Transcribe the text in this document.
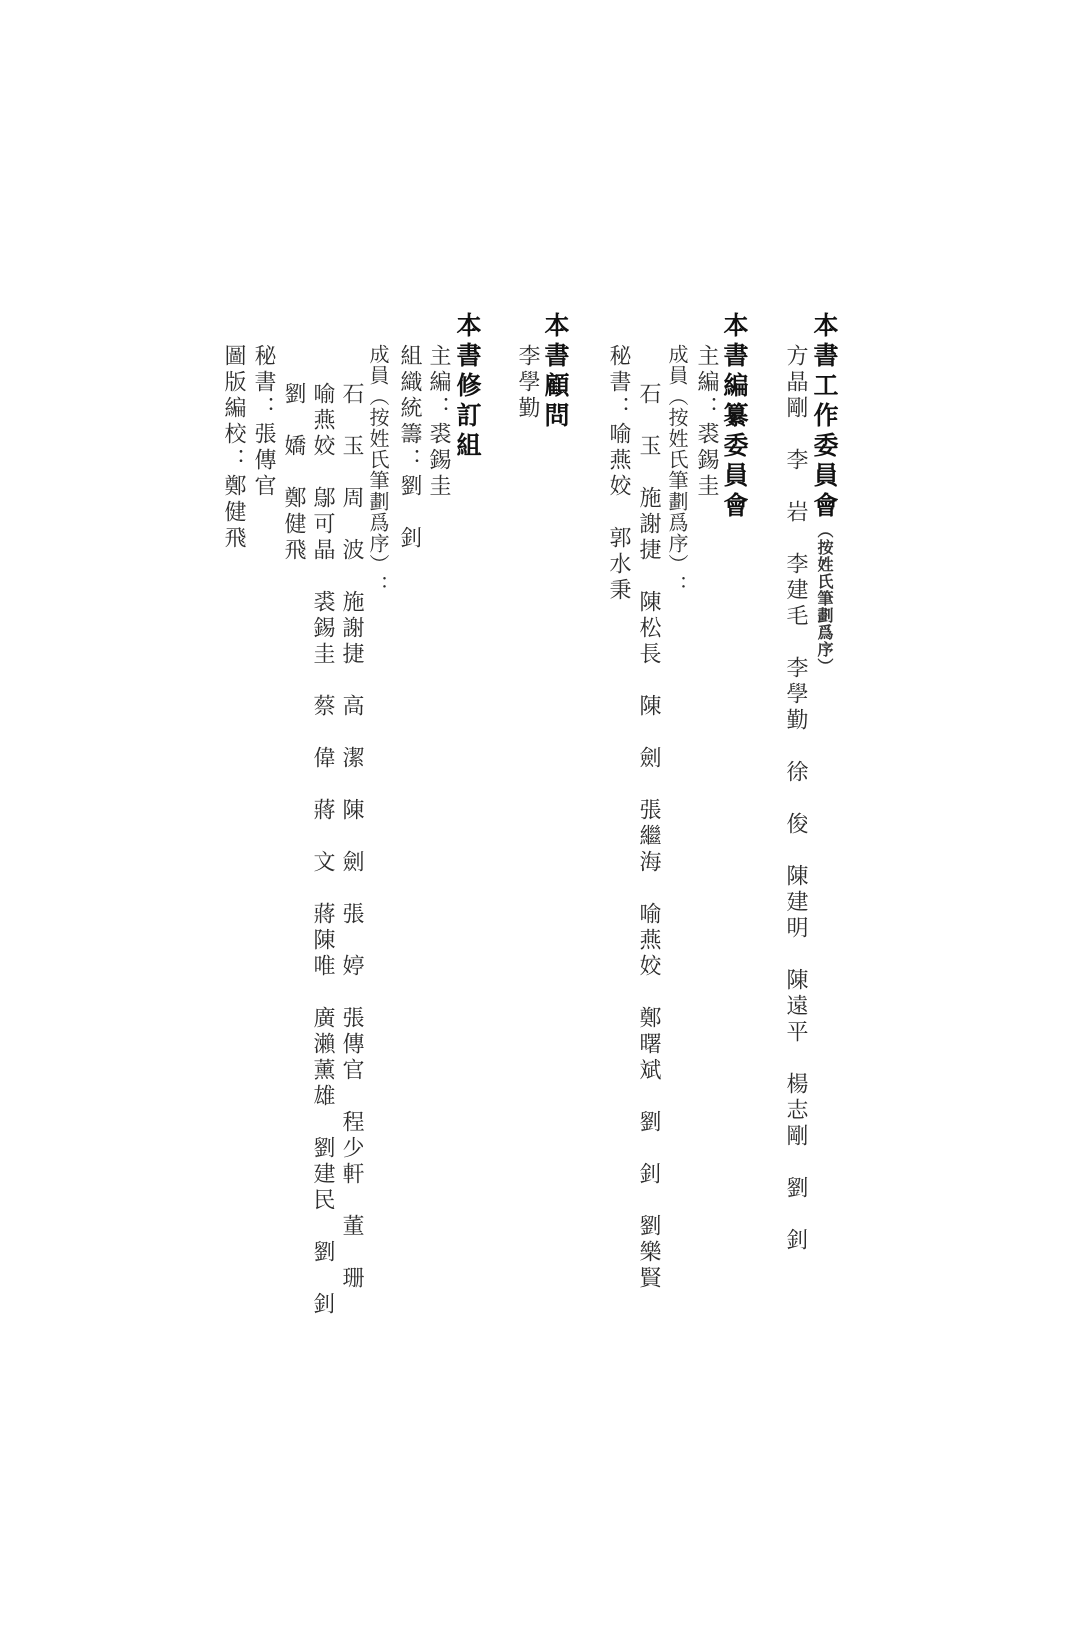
本書工作委員會（按姓氏筆劃爲序）
方晶剛　李　岩　李建毛　李學勤　徐　俊　陳建明　陳遠平　楊志剛　劉　釗
本書編纂委員會
主編：裘錫圭
成員（按姓氏筆劃爲序）：
石　玉　施謝捷　陳松長　陳　劍　張繼海　喻燕姣　鄭曙斌　劉　釗　劉樂賢
秘書：喻燕姣　郭水秉
本書顧問
李學勤
本書修訂組
主編：裘錫圭
組織統籌：劉　釗
成員（按姓氏筆劃爲序）：
石　玉　周　波　施謝捷　高　潔　陳　劍　張　婷　張傳官　程少軒　董　珊
喻燕姣　鄔可晶　裘錫圭　蔡　偉　蔣　文　蔣陳唯　廣瀨薰雄　劉建民　劉　釗
劉　嬌　鄭健飛
秘書：張傳官
圖版編校：鄭健飛
